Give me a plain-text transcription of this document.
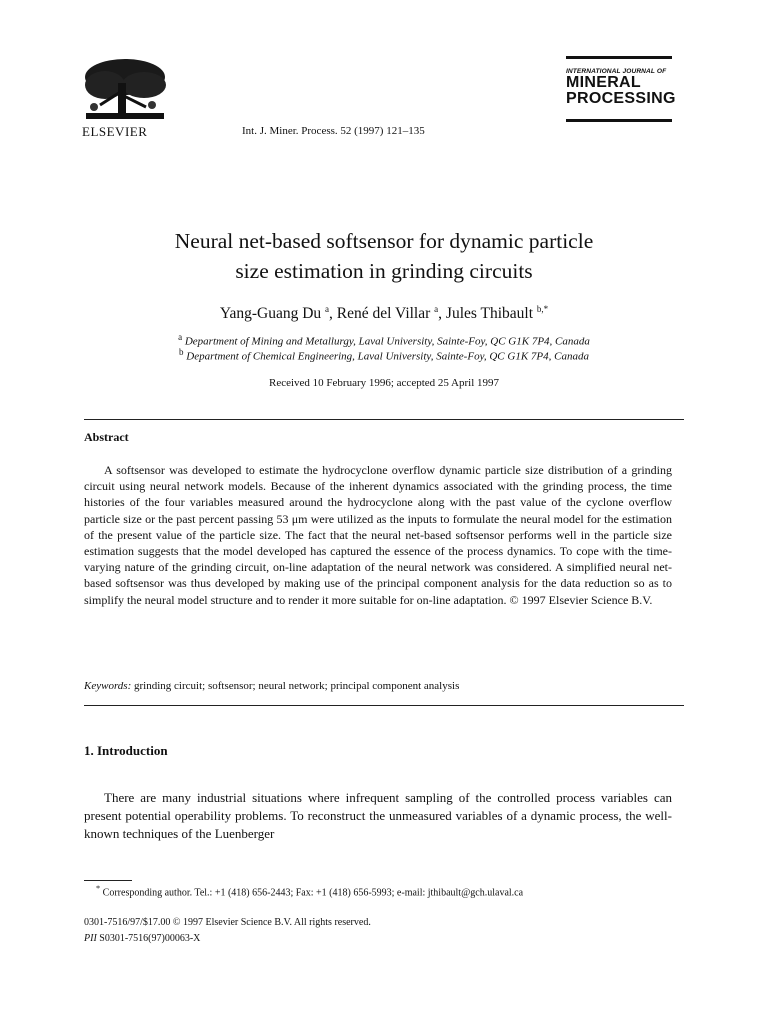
ELSEVIER	Int. J. Miner. Process. 52 (1997) 121–135
INTERNATIONAL JOURNAL OF
MINERAL
PROCESSING
Neural net-based softsensor for dynamic particle
size estimation in grinding circuits
Yang-Guang Du $^a$, René del Villar $^a$, Jules Thibault $^{b,*}$
$^a$ Department of Mining and Metallurgy, Laval University, Sainte-Foy, QC G1K 7P4, Canada
$^b$ Department of Chemical Engineering, Laval University, Sainte-Foy, QC G1K 7P4, Canada
Received 10 February 1996; accepted 25 April 1997
Abstract
A softsensor was developed to estimate the hydrocyclone overflow dynamic particle size distribution of a grinding circuit using neural network models. Because of the inherent dynamics associated with the grinding process, the time histories of the four variables measured around the hydrocyclone along with the past value of the cyclone overflow particle size or the past percent passing 53 μm were utilized as the inputs to formulate the neural model for the estimation of the present value of the particle size. The fact that the neural net-based softsensor performs well in the particle size estimation suggests that the model developed has captured the essence of the process dynamics. To cope with the time-varying nature of the grinding circuit, on-line adaptation of the neural network was considered. A simplified neural net-based softsensor was thus developed by making use of the principal component analysis for the data reduction so as to simplify the neural model structure and to render it more suitable for on-line adaptation. © 1997 Elsevier Science B.V.
Keywords: grinding circuit; softsensor; neural network; principal component analysis
1. Introduction
There are many industrial situations where infrequent sampling of the controlled process variables can present potential operability problems. To reconstruct the unmeasured variables of a dynamic process, the well-known techniques of the Luenberger
* Corresponding author. Tel.: +1 (418) 656-2443; Fax: +1 (418) 656-5993; e-mail: jthibault@gch.ulaval.ca
0301-7516/97/$17.00 © 1997 Elsevier Science B.V. All rights reserved.
PII S0301-7516(97)00063-X
